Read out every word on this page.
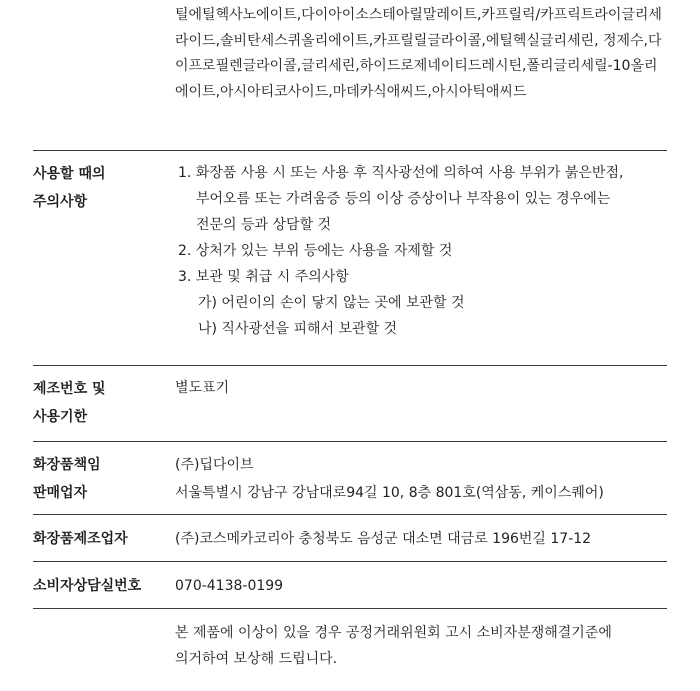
틸에틸헥사노에이트,다이아이소스테아릴말레이트,카프릴릭/카프릭트라이글리세라이드,솔비탄세스퀴올리에이트,카프릴릴글라이콜,에틸헥실글리세린, 정제수,다이프로필렌글라이콜,글리세린,하이드로제네이티드레시틴,폴리글리세릴-10올리에이트,아시아티코사이드,마데카식애씨드,아시아틱애씨드
사용할 때의
주의사항
1. 화장품 사용 시 또는 사용 후 직사광선에 의하여 사용 부위가 붉은반점,
부어오름 또는 가려움증 등의 이상 증상이나 부작용이 있는 경우에는
전문의 등과 상담할 것
2. 상처가 있는 부위 등에는 사용을 자제할 것
3. 보관 및 취급 시 주의사항
가) 어린이의 손이 닿지 않는 곳에 보관할 것
나) 직사광선을 피해서 보관할 것
제조번호 및
사용기한
별도표기
화장품책임
판매업자
(주)딥다이브
서울특별시 강남구 강남대로94길 10, 8층 801호(역삼동, 케이스퀘어)
화장품제조업자	(주)코스메카코리아 충청북도 음성군 대소면 대금로 196번길 17-12
소비자상담실번호	070-4138-0199
본 제품에 이상이 있을 경우 공정거래위원회 고시 소비자분쟁해결기준에
의거하여 보상해 드립니다.
